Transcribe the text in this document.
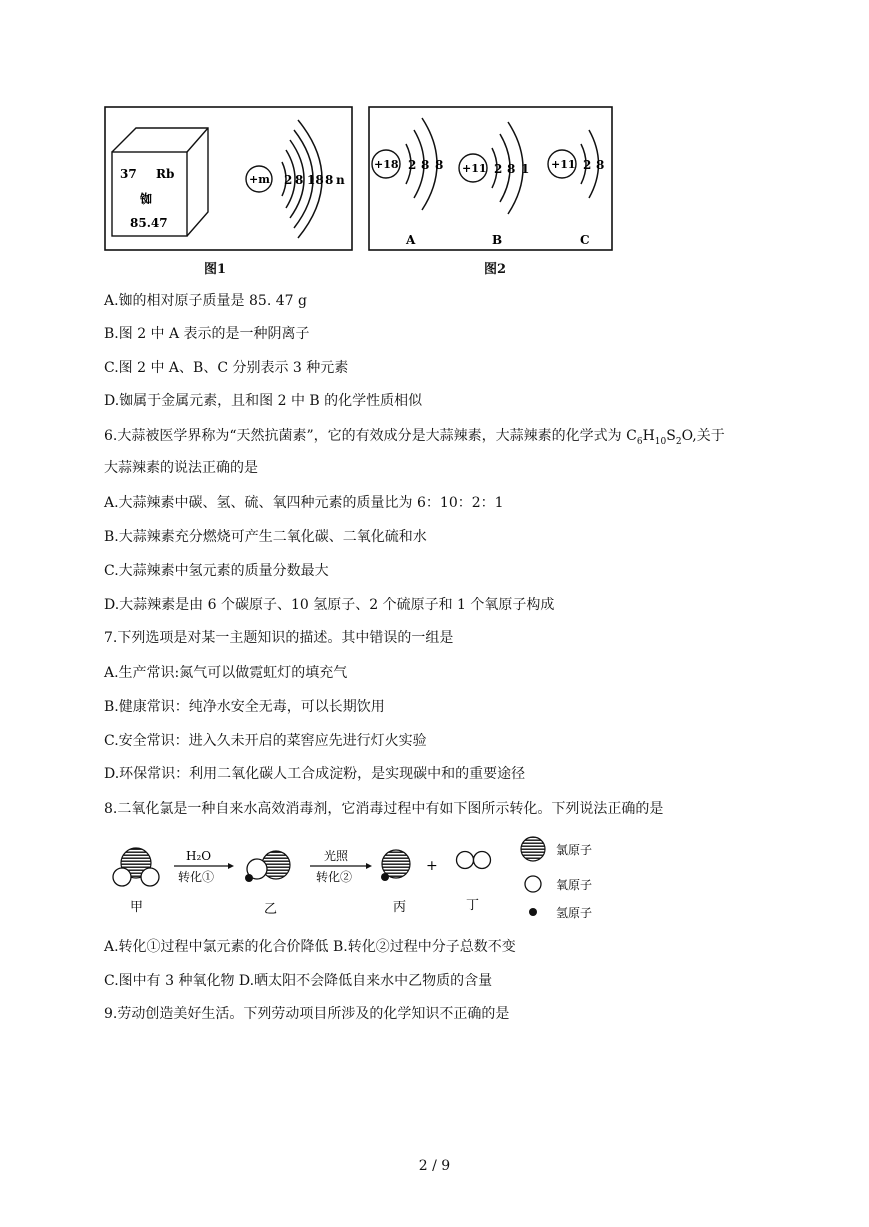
37 Rb
铷
85.47
+m 2 8 18 8 n
图1
+18 2 8 8
A
+11 2 8 1
B
+11 2 8
C
图2
A.铷的相对原子质量是 85. 47 g
B.图 2 中 A 表示的是一种阴离子
C.图 2 中 A、B、C 分别表示 3 种元素
D.铷属于金属元素，且和图 2 中 B 的化学性质相似
6.大蒜被医学界称为“天然抗菌素”，它的有效成分是大蒜辣素，大蒜辣素的化学式为 $C_6H_{10}S_2O$,关于
大蒜辣素的说法正确的是
A.大蒜辣素中碳、氢、硫、氧四种元素的质量比为 6：10：2：1
B.大蒜辣素充分燃烧可产生二氧化碳、二氧化硫和水
C.大蒜辣素中氢元素的质量分数最大
D.大蒜辣素是由 6 个碳原子、10 氢原子、2 个硫原子和 1 个氧原子构成
7.下列选项是对某一主题知识的描述。其中错误的一组是
A.生产常识:氮气可以做霓虹灯的填充气
B.健康常识：纯净水安全无毒，可以长期饮用
C.安全常识：进入久未开启的菜窖应先进行灯火实验
D.环保常识：利用二氧化碳人工合成淀粉，是实现碳中和的重要途径
8.二氧化氯是一种自来水高效消毒剂，它消毒过程中有如下图所示转化。下列说法正确的是
H₂O
转化①
光照
转化②
+
甲	乙	丙	丁
氯原子
氧原子
氢原子
A.转化①过程中氯元素的化合价降低 B.转化②过程中分子总数不变
C.图中有 3 种氧化物 D.晒太阳不会降低自来水中乙物质的含量
9.劳动创造美好生活。下列劳动项目所涉及的化学知识不正确的是
2 / 9
